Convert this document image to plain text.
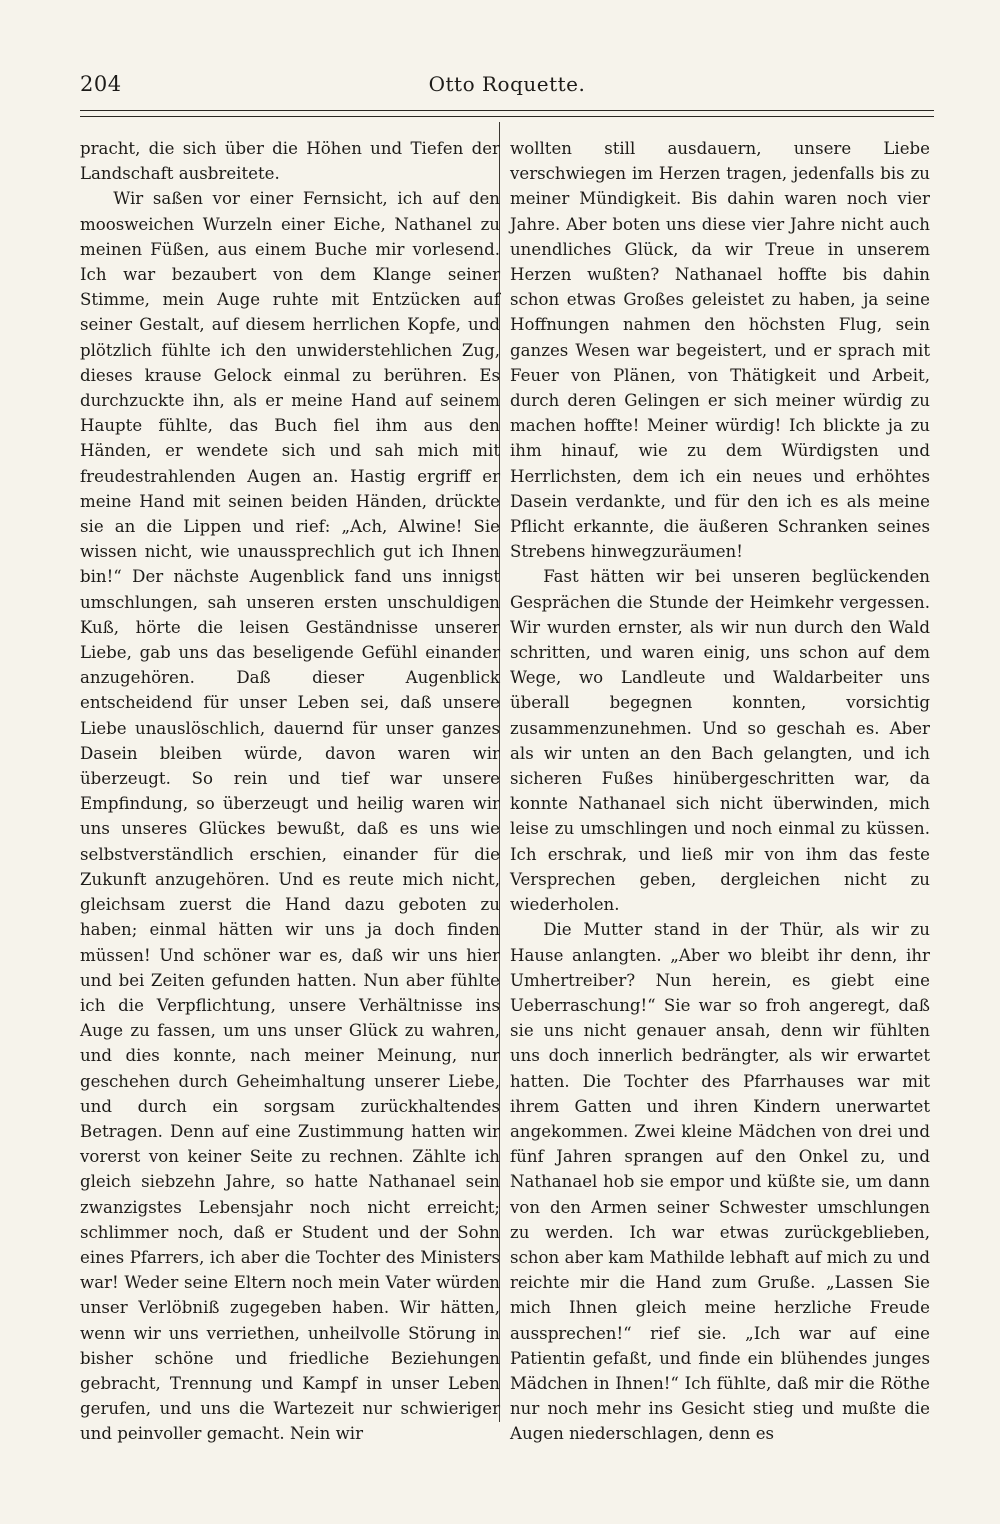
204	Otto Roquette.

pracht, die sich über die Höhen und Tiefen der Landschaft ausbreitete.

Wir saßen vor einer Fernsicht, ich auf den mooswеichen Wurzeln einer Eiche, Nathanel zu meinen Füßen, aus einem Buche mir vorlesend. Ich war bezaubert von dem Klange seiner Stimme, mein Auge ruhte mit Entzücken auf seiner Gestalt, auf diesem herrlichen Kopfe, und plötzlich fühlte ich den unwiderstehlichen Zug, dieses krause Gelock einmal zu berühren. Es durchzuckte ihn, als er meine Hand auf seinem Haupte fühlte, das Buch fiel ihm aus den Händen, er wendete sich und sah mich mit freudestrahlenden Augen an. Hastig ergriff er meine Hand mit seinen beiden Händen, drückte sie an die Lippen und rief: „Ach, Alwine! Sie wissen nicht, wie unaussprechlich gut ich Ihnen bin!“ Der nächste Augenblick fand uns innigst umschlungen, sah unseren ersten unschuldigen Kuß, hörte die leisen Geständnisse unserer Liebe, gab uns das beseligende Gefühl einander anzugehören. Daß dieser Augenblick entscheidend für unser Leben sei, daß unsere Liebe unauslöschlich, dauernd für unser ganzes Dasein bleiben würde, davon waren wir überzeugt. So rein und tief war unsere Empfindung, so überzeugt und heilig waren wir uns unseres Glückes bewußt, daß es uns wie selbstverständlich erschien, einander für die Zukunft anzugehören. Und es reute mich nicht, gleichsam zuerst die Hand dazu geboten zu haben; einmal hätten wir uns ja doch finden müssen! Und schöner war es, daß wir uns hier und bei Zeiten gefunden hatten. Nun aber fühlte ich die Verpflichtung, unsere Verhältnisse ins Auge zu fassen, um uns unser Glück zu wahren, und dies konnte, nach meiner Meinung, nur geschehen durch Geheimhaltung unserer Liebe, und durch ein sorgsam zurückhaltendes Betragen. Denn auf eine Zustimmung hatten wir vorerst von keiner Seite zu rechnen. Zählte ich gleich siebzehn Jahre, so hatte Nathanael sein zwanzigstes Lebensjahr noch nicht erreicht; schlimmer noch, daß er Student und der Sohn eines Pfarrers, ich aber die Tochter des Ministers war! Weder seine Eltern noch mein Vater würden unser Verlöbniß zugegeben haben. Wir hätten, wenn wir uns verriethen, unheilvolle Störung in bisher schöne und friedliche Beziehungen gebracht, Trennung und Kampf in unser Leben gerufen, und uns die Wartezeit nur schwieriger und peinvoller gemacht. Nein wir

wollten still ausdauern, unsere Liebe verschwiegen im Herzen tragen, jedenfalls bis zu meiner Mündigkeit. Bis dahin waren noch vier Jahre. Aber boten uns diese vier Jahre nicht auch unendliches Glück, da wir Treue in unserem Herzen wußten? Nathanael hoffte bis dahin schon etwas Großes geleistet zu haben, ja seine Hoffnungen nahmen den höchsten Flug, sein ganzes Wesen war begeistert, und er sprach mit Feuer von Plänen, von Thätigkeit und Arbeit, durch deren Gelingen er sich meiner würdig zu machen hoffte! Meiner würdig! Ich blickte ja zu ihm hinauf, wie zu dem Würdigsten und Herrlichsten, dem ich ein neues und erhöhtes Dasein verdankte, und für den ich es als meine Pflicht erkannte, die äußeren Schranken seines Strebens hinwegzuräumen!

Fast hätten wir bei unseren beglückenden Gesprächen die Stunde der Heimkehr vergessen. Wir wurden ernster, als wir nun durch den Wald schritten, und waren einig, uns schon auf dem Wege, wo Landleute und Waldarbeiter uns überall begegnen konnten, vorsichtig zusammenzunehmen. Und so geschah es. Aber als wir unten an den Bach gelangten, und ich sicheren Fußes hinübergeschritten war, da konnte Nathanael sich nicht überwinden, mich leise zu umschlingen und noch einmal zu küssen. Ich erschrak, und ließ mir von ihm das feste Versprechen geben, dergleichen nicht zu wiederholen.

Die Mutter stand in der Thür, als wir zu Hause anlangten. „Aber wo bleibt ihr denn, ihr Umhertreiber? Nun herein, es giebt eine Ueberraschung!“ Sie war so froh angeregt, daß sie uns nicht genauer ansah, denn wir fühlten uns doch innerlich bedrängter, als wir erwartet hatten. Die Tochter des Pfarrhauses war mit ihrem Gatten und ihren Kindern unerwartet angekommen. Zwei kleine Mädchen von drei und fünf Jahren sprangen auf den Onkel zu, und Nathanael hob sie empor und küßte sie, um dann von den Armen seiner Schwester umschlungen zu werden. Ich war etwas zurückgeblieben, schon aber kam Mathilde lebhaft auf mich zu und reichte mir die Hand zum Gruße. „Lassen Sie mich Ihnen gleich meine herzliche Freude aussprechen!“ rief sie. „Ich war auf eine Patientin gefaßt, und finde ein blühendes junges Mädchen in Ihnen!“ Ich fühlte, daß mir die Röthe nur noch mehr ins Gesicht stieg und mußte die Augen niederschlagen, denn es
